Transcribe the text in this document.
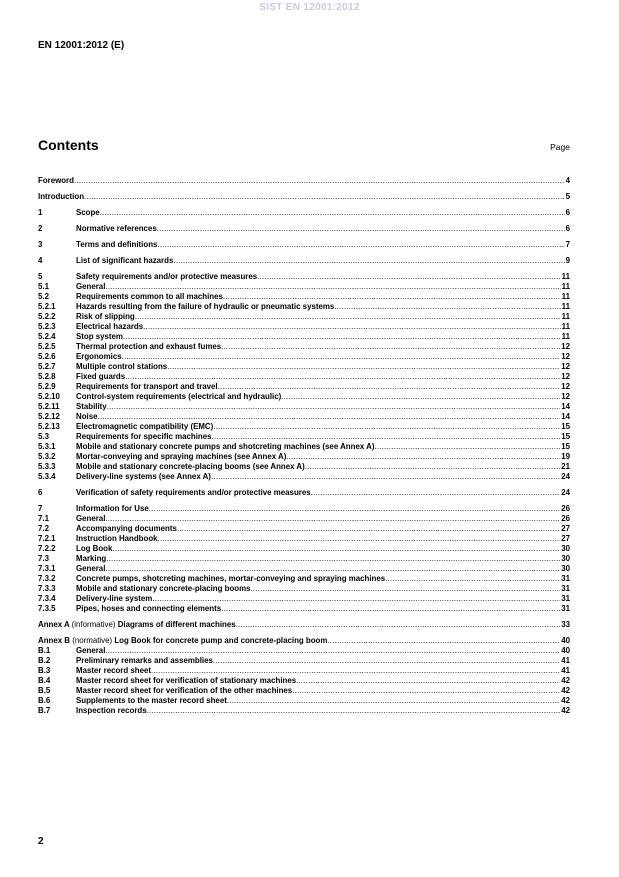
SIST EN 12001:2012
EN 12001:2012 (E)
Contents	Page
Foreword .....	4
Introduction .....	5
1	Scope .....	6
2	Normative references .....	6
3	Terms and definitions .....	7
4	List of significant hazards .....	9
5	Safety requirements and/or protective measures .....	11
5.1	General .....	11
5.2	Requirements common to all machines .....	11
5.2.1	Hazards resulting from the failure of hydraulic or pneumatic systems .....	11
5.2.2	Risk of slipping .....	11
5.2.3	Electrical hazards .....	11
5.2.4	Stop system .....	11
5.2.5	Thermal protection and exhaust fumes .....	12
5.2.6	Ergonomics .....	12
5.2.7	Multiple control stations .....	12
5.2.8	Fixed guards .....	12
5.2.9	Requirements for transport and travel .....	12
5.2.10	Control-system requirements (electrical and hydraulic) .....	12
5.2.11	Stability .....	14
5.2.12	Noise .....	14
5.2.13	Electromagnetic compatibility (EMC) .....	15
5.3	Requirements for specific machines .....	15
5.3.1	Mobile and stationary concrete pumps and shotcreting machines (see Annex A) .....	15
5.3.2	Mortar-conveying and spraying machines (see Annex A) .....	19
5.3.3	Mobile and stationary concrete-placing booms (see Annex A) .....	21
5.3.4	Delivery-line systems (see Annex A) .....	24
6	Verification of safety requirements and/or protective measures .....	24
7	Information for Use .....	26
7.1	General .....	26
7.2	Accompanying documents .....	27
7.2.1	Instruction Handbook .....	27
7.2.2	Log Book .....	30
7.3	Marking .....	30
7.3.1	General .....	30
7.3.2	Concrete pumps, shotcreting machines, mortar-conveying and spraying machines .....	31
7.3.3	Mobile and stationary concrete-placing booms .....	31
7.3.4	Delivery-line system .....	31
7.3.5	Pipes, hoses and connecting elements .....	31
Annex A (informative) Diagrams of different machines .....	33
Annex B (normative) Log Book for concrete pump and concrete-placing boom .....	40
B.1	General .....	40
B.2	Preliminary remarks and assemblies .....	41
B.3	Master record sheet .....	41
B.4	Master record sheet for verification of stationary machines .....	42
B.5	Master record sheet for verification of the other machines .....	42
B.6	Supplements to the master record sheet .....	42
B.7	Inspection records .....	42
2
